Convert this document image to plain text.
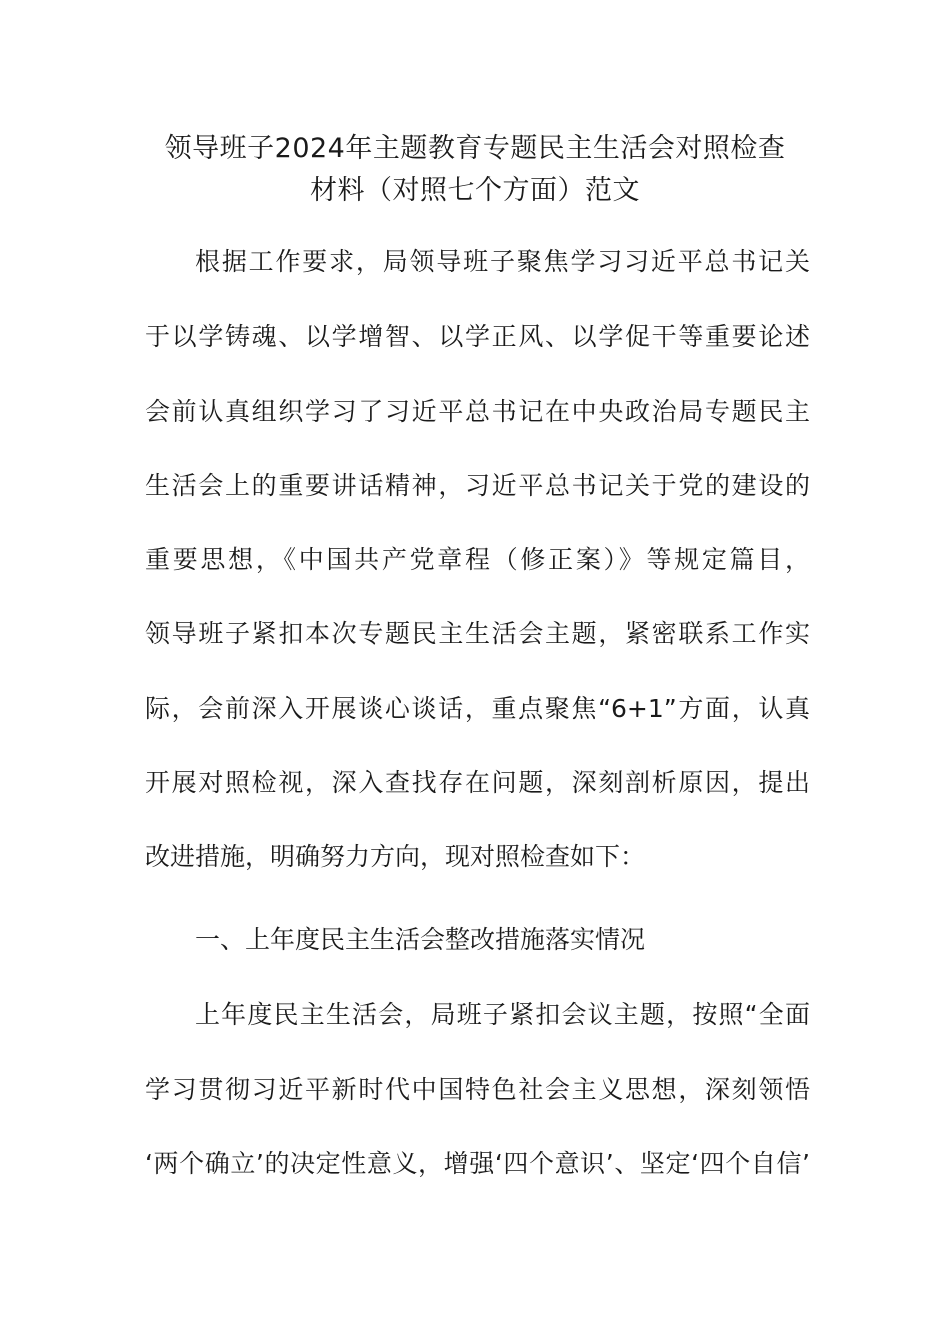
领导班子2024年主题教育专题民主生活会对照检查
材料（对照七个方面）范文

根据工作要求，局领导班子聚焦学习习近平总书记关

于以学铸魂、以学增智、以学正风、以学促干等重要论述

会前认真组织学习了习近平总书记在中央政治局专题民主

生活会上的重要讲话精神，习近平总书记关于党的建设的

重要思想，《中国共产党章程（修正案）》等规定篇目，

领导班子紧扣本次专题民主生活会主题，紧密联系工作实

际，会前深入开展谈心谈话，重点聚焦“6+1”方面，认真

开展对照检视，深入查找存在问题，深刻剖析原因，提出

改进措施，明确努力方向，现对照检查如下：

一、上年度民主生活会整改措施落实情况

上年度民主生活会，局班子紧扣会议主题，按照“全面

学习贯彻习近平新时代中国特色社会主义思想，深刻领悟

‘两个确立’的决定性意义，增强‘四个意识’、坚定‘四个自信’
